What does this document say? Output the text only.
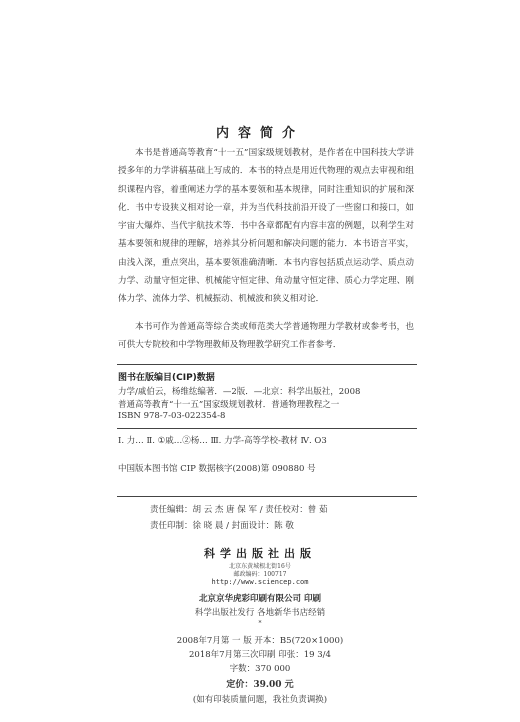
内容简介
本书是普通高等教育“十一五”国家级规划教材，是作者在中国科技大学讲授多年的力学讲稿基础上写成的．本书的特点是用近代物理的观点去审视和组织课程内容，着重阐述力学的基本要领和基本规律，同时注重知识的扩展和深化．书中专设狭义相对论一章，并为当代科技前沿开设了一些窗口和接口，如宇宙大爆炸、当代宇航技术等．书中各章都配有内容丰富的例题，以利学生对基本要领和规律的理解，培养其分析问题和解决问题的能力．本书语言平实，由浅入深，重点突出，基本要领准确清晰．本书内容包括质点运动学、质点动力学、动量守恒定律、机械能守恒定律、角动量守恒定律、质心力学定理、刚体力学、流体力学、机械振动、机械波和狭义相对论．
本书可作为普通高等综合类或师范类大学普通物理力学教材或参考书，也可供大专院校和中学物理教师及物理教学研究工作者参考．
图书在版编目(CIP)数据
力学/戚伯云，杨维纮编著．—2版．—北京：科学出版社，2008
普通高等教育“十一五”国家级规划教材．普通物理教程之一
ISBN 978-7-03-022354-8
Ⅰ. 力… Ⅱ. ①戚…②杨… Ⅲ. 力学-高等学校-教材 Ⅳ. O3
中国版本图书馆 CIP 数据核字(2008)第 090880 号
责任编辑：胡 云 杰 唐 保 军 / 责任校对：曾 茹
责任印制：徐 晓 晨 / 封面设计：陈 敬
科学出版社出版
北京东黄城根北街16号
邮政编码：100717
http://www.sciencep.com
北京京华虎彩印刷有限公司 印刷
科学出版社发行 各地新华书店经销
*
2008年7月第 一 版 开本：B5(720×1000)
2018年7月第三次印刷 印张：19 3/4
字数：370 000
定价：39.00 元
(如有印装质量问题，我社负责调换)
